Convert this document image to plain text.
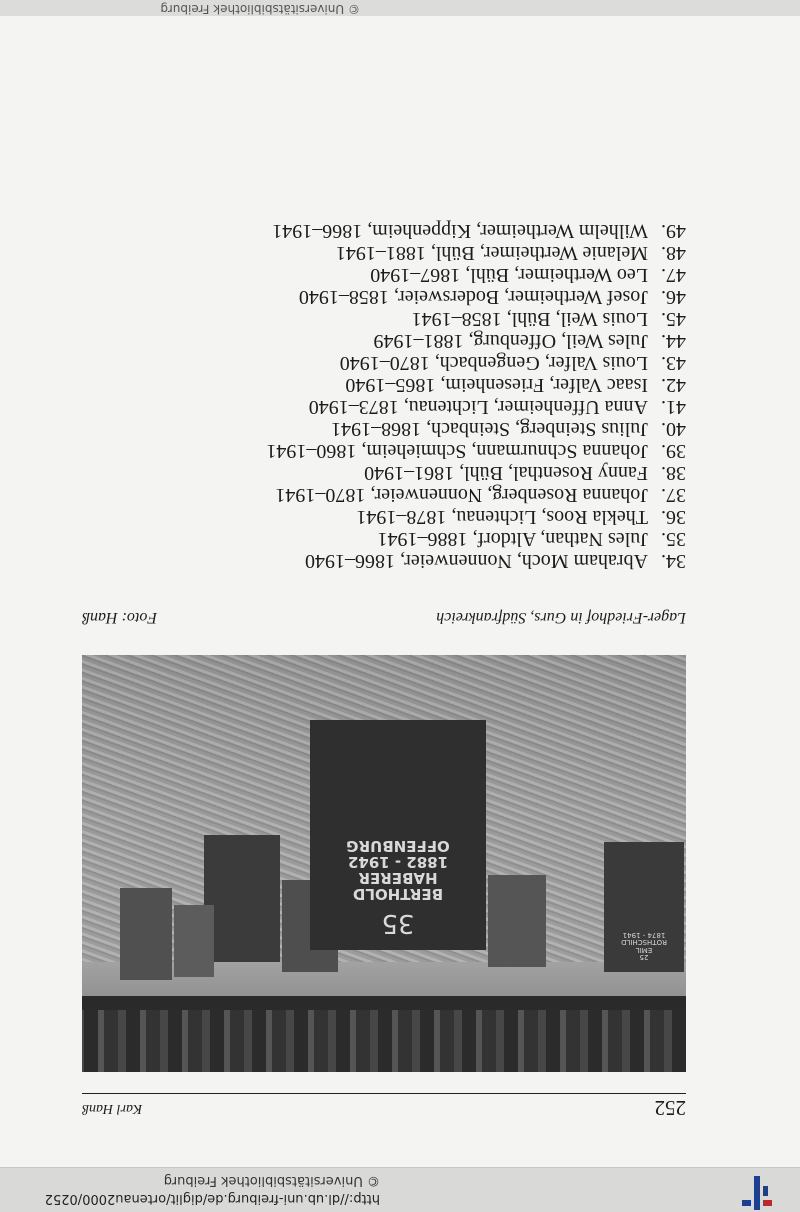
http://dl.ub.uni-freiburg.de/diglit/ortenau2000/0252
© Universitätsbibliothek Freiburg
252
Karl Hanß
25
EMIL
ROTHSCHILD
1874 - 1941
35
BERTHOLD
HABERER
1882 - 1942
OFFENBURG
Lager-Friedhof in Gurs, Südfrankreich
Foto: Hanß
34.
Abraham Moch, Nonnenweier, 1866–1940
35.
Jules Nathan, Altdorf, 1886–1941
36.
Thekla Roos, Lichtenau, 1878–1941
37.
Johanna Rosenberg, Nonnenweier, 1870–1941
38.
Fanny Rosenthal, Bühl, 1861–1940
39.
Johanna Schnurmann, Schmieheim, 1860–1941
40.
Julius Steinberg, Steinbach, 1868–1941
41.
Anna Uffenheimer, Lichtenau, 1873–1940
42.
Isaac Valfer, Friesenheim, 1865–1940
43.
Louis Valfer, Gengenbach, 1870–1940
44.
Jules Weil, Offenburg, 1881–1949
45.
Louis Weil, Bühl, 1858–1941
46.
Josef Wertheimer, Bodersweier, 1858–1940
47.
Leo Wertheimer, Bühl, 1867–1940
48.
Melanie Wertheimer, Bühl, 1881–1941
49.
Wilhelm Wertheimer, Kippenheim, 1866–1941
© Universitätsbibliothek Freiburg
